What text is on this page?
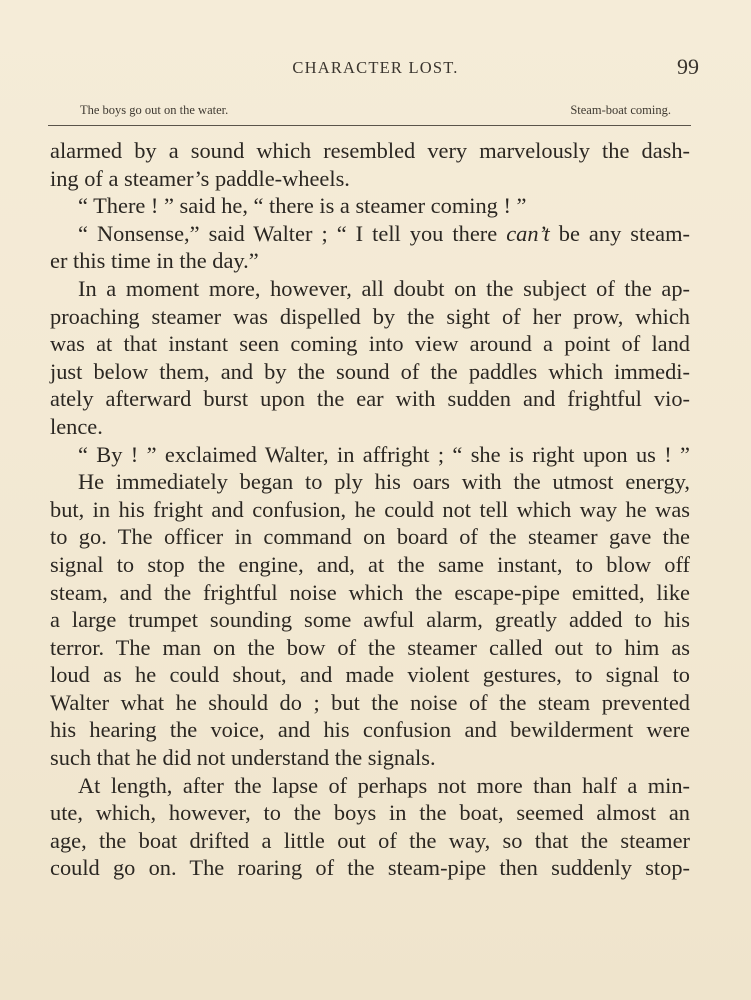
CHARACTER LOST.	99
The boys go out on the water.	Steam-boat coming.
alarmed by a sound which resembled very marvelously the dash-
ing of a steamer’s paddle-wheels.
“ There ! ” said he, “ there is a steamer coming ! ”
“ Nonsense,” said Walter ; “ I tell you there can’t be any steam-
er this time in the day.”
In a moment more, however, all doubt on the subject of the ap-
proaching steamer was dispelled by the sight of her prow, which
was at that instant seen coming into view around a point of land
just below them, and by the sound of the paddles which immedi-
ately afterward burst upon the ear with sudden and frightful vio-
lence.
“ By ! ” exclaimed Walter, in affright ; “ she is right upon us ! ”
He immediately began to ply his oars with the utmost energy,
but, in his fright and confusion, he could not tell which way he was
to go. The officer in command on board of the steamer gave the
signal to stop the engine, and, at the same instant, to blow off
steam, and the frightful noise which the escape-pipe emitted, like
a large trumpet sounding some awful alarm, greatly added to his
terror. The man on the bow of the steamer called out to him as
loud as he could shout, and made violent gestures, to signal to
Walter what he should do ; but the noise of the steam prevented
his hearing the voice, and his confusion and bewilderment were
such that he did not understand the signals.
At length, after the lapse of perhaps not more than half a min-
ute, which, however, to the boys in the boat, seemed almost an
age, the boat drifted a little out of the way, so that the steamer
could go on. The roaring of the steam-pipe then suddenly stop-
